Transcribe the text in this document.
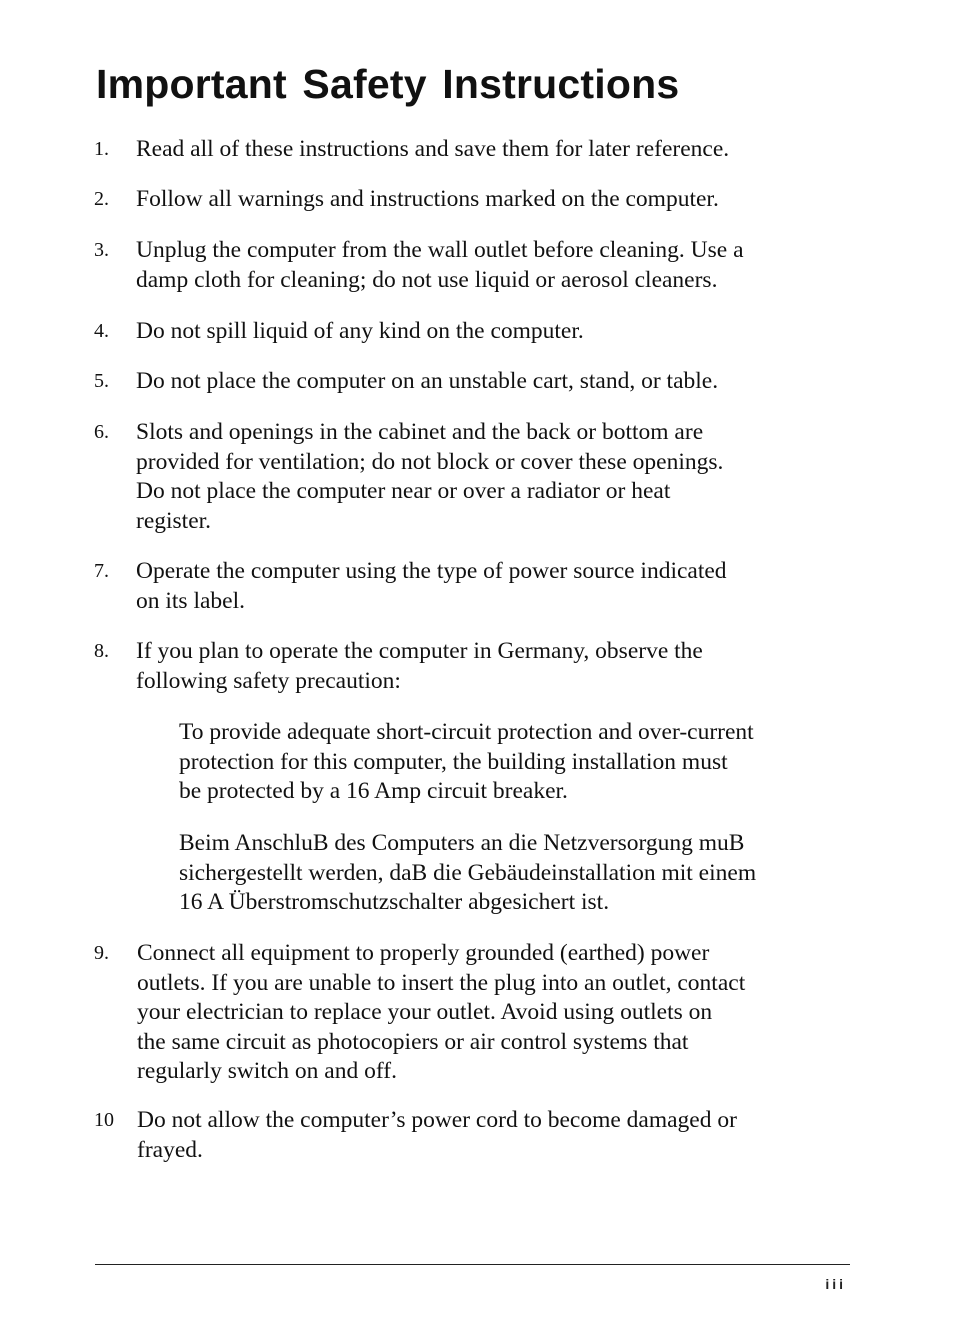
Important Safety Instructions
1. Read all of these instructions and save them for later reference.
2. Follow all warnings and instructions marked on the computer.
3. Unplug the computer from the wall outlet before cleaning. Use a
damp cloth for cleaning; do not use liquid or aerosol cleaners.
4. Do not spill liquid of any kind on the computer.
5. Do not place the computer on an unstable cart, stand, or table.
6. Slots and openings in the cabinet and the back or bottom are
provided for ventilation; do not block or cover these openings.
Do not place the computer near or over a radiator or heat
register.
7. Operate the computer using the type of power source indicated
on its label.
8. If you plan to operate the computer in Germany, observe the
following safety precaution:
To provide adequate short-circuit protection and over-current
protection for this computer, the building installation must
be protected by a 16 Amp circuit breaker.
Beim AnschluB des Computers an die Netzversorgung muB
sichergestellt werden, daB die Gebäudeinstallation mit einem
16 A Überstromschutzschalter abgesichert ist.
9. Connect all equipment to properly grounded (earthed) power
outlets. If you are unable to insert the plug into an outlet, contact
your electrician to replace your outlet. Avoid using outlets on
the same circuit as photocopiers or air control systems that
regularly switch on and off.
10 Do not allow the computer’s power cord to become damaged or
frayed.
iii
